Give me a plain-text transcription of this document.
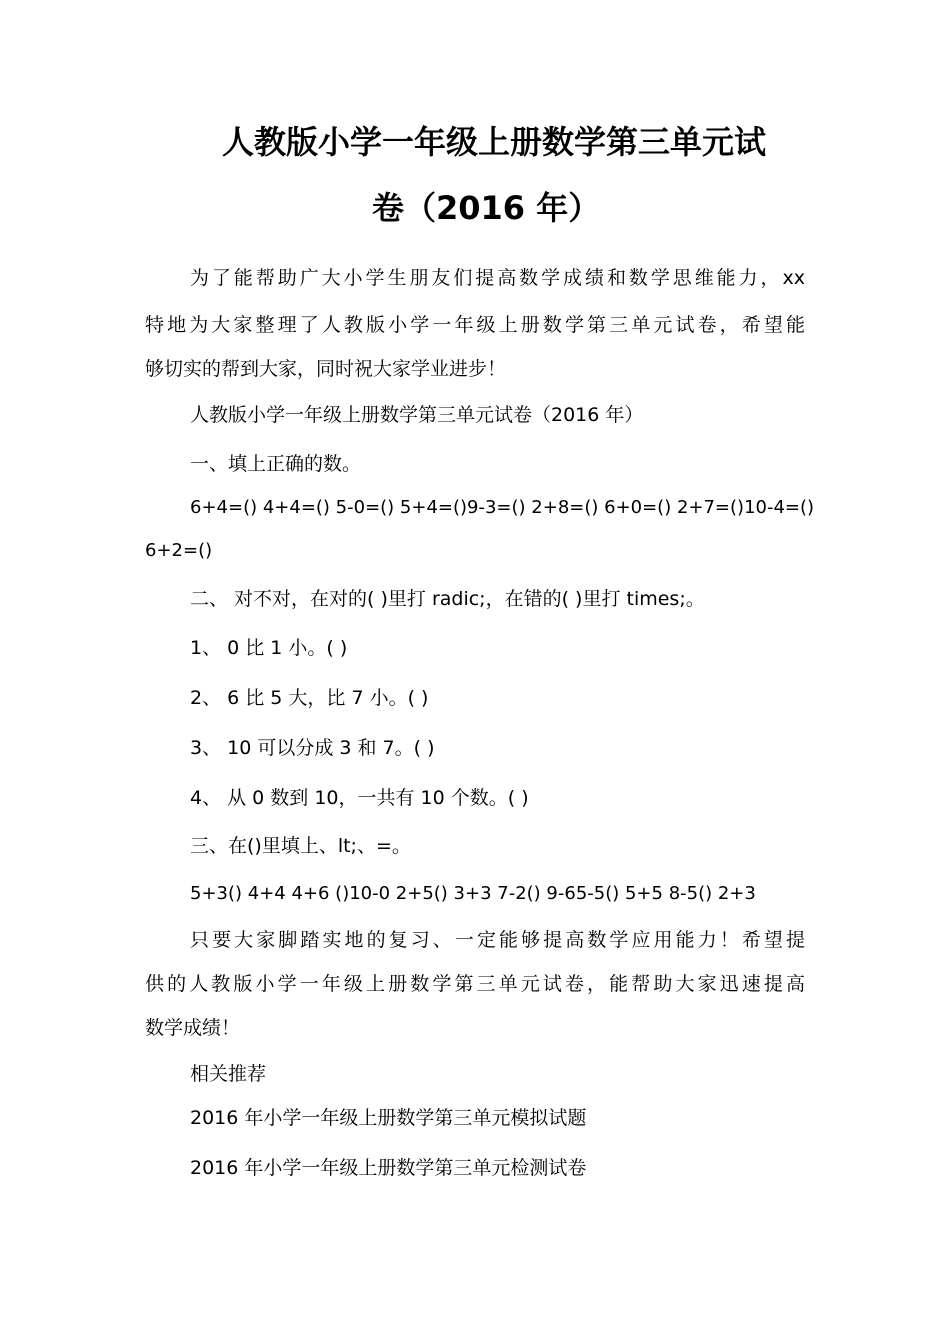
人教版小学一年级上册数学第三单元试
卷（2016 年）
为了能帮助广大小学生朋友们提高数学成绩和数学思维能力，xx
特地为大家整理了人教版小学一年级上册数学第三单元试卷，希望能
够切实的帮到大家，同时祝大家学业进步！
人教版小学一年级上册数学第三单元试卷（2016 年）
一、填上正确的数。
6+4=() 4+4=() 5-0=() 5+4=()9-3=() 2+8=() 6+0=() 2+7=()10-4=()
6+2=()
二、 对不对，在对的( )里打 radic;，在错的( )里打 times;。
1、 0 比 1 小。( )
2、 6 比 5 大，比 7 小。( )
3、 10 可以分成 3 和 7。( )
4、 从 0 数到 10，一共有 10 个数。( )
三、在()里填上、lt;、=。
5+3() 4+4 4+6 ()10-0 2+5() 3+3 7-2() 9-65-5() 5+5 8-5() 2+3
只要大家脚踏实地的复习、一定能够提高数学应用能力！希望提
供的人教版小学一年级上册数学第三单元试卷，能帮助大家迅速提高
数学成绩！
相关推荐
2016 年小学一年级上册数学第三单元模拟试题
2016 年小学一年级上册数学第三单元检测试卷
